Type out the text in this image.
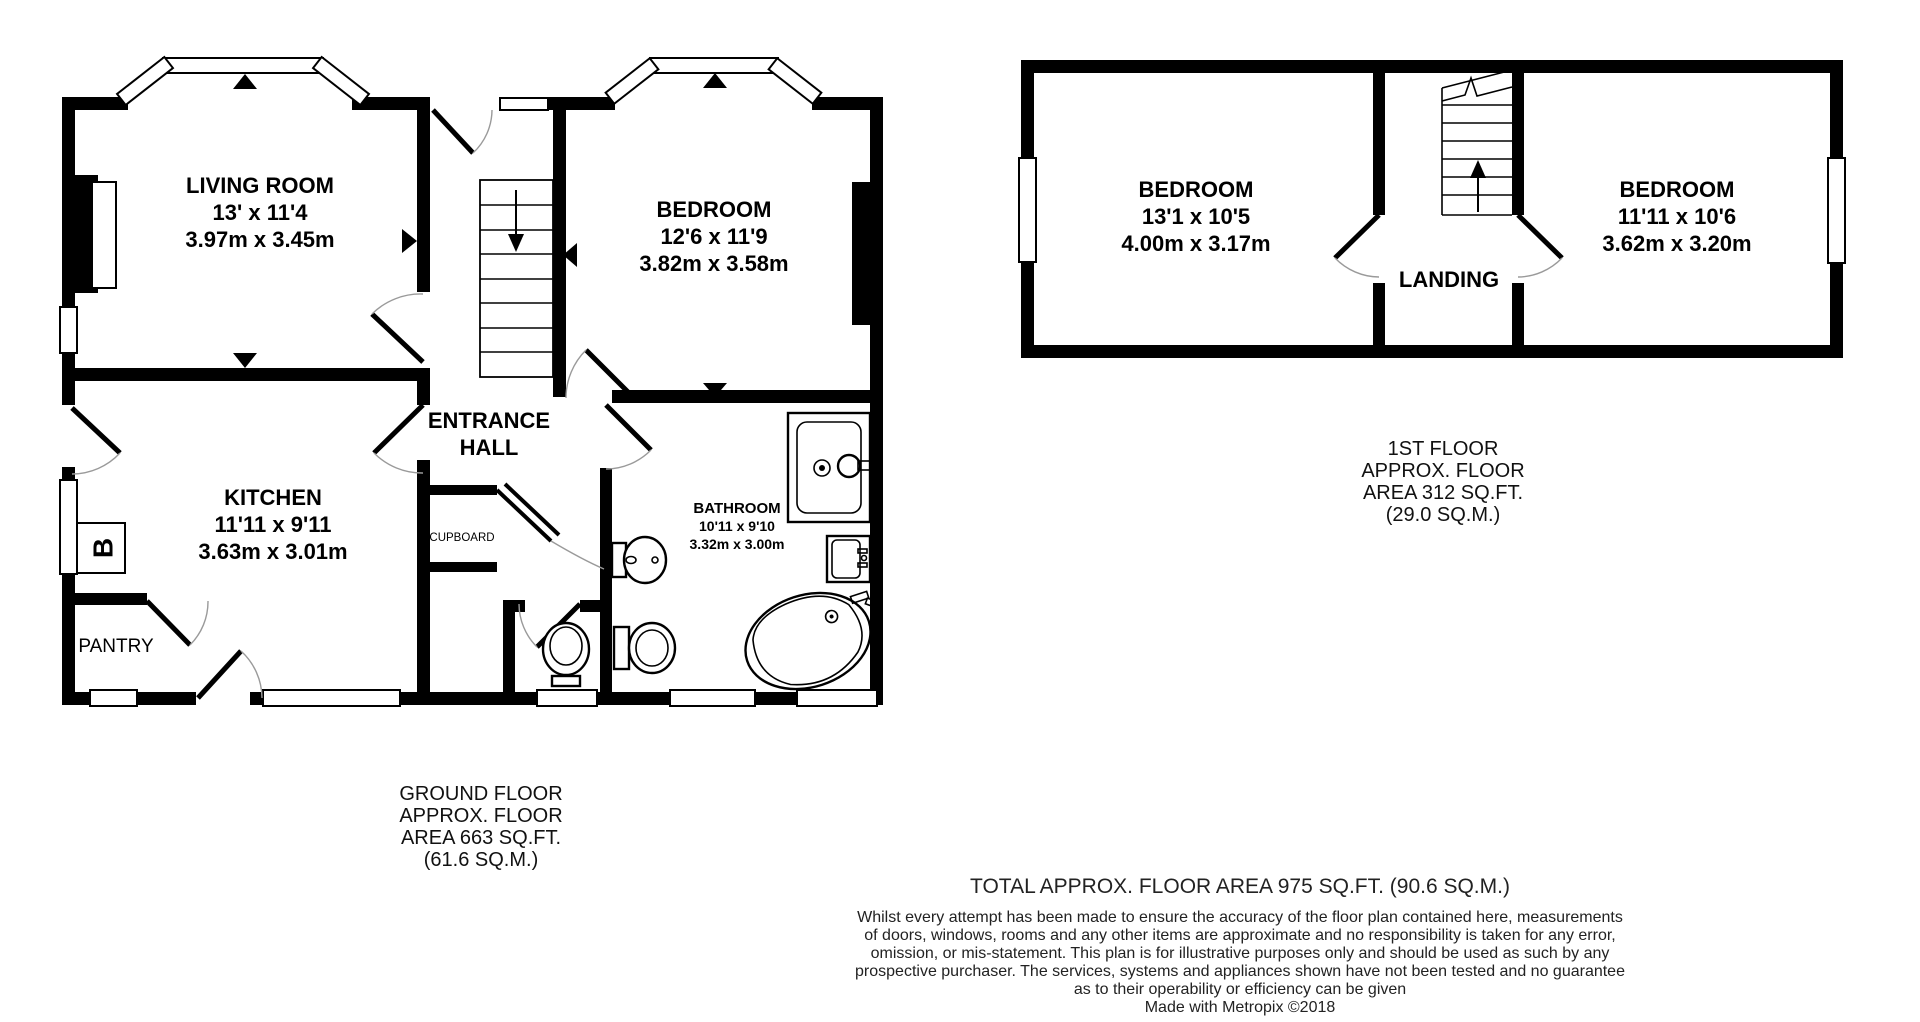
B
LIVING ROOM
13' x 11'4
3.97m x 3.45m
BEDROOM
12'6 x 11'9
3.82m x 3.58m
ENTRANCE
HALL
KITCHEN
11'11 x 9'11
3.63m x 3.01m
BATHROOM
10'11 x 9'10
3.32m x 3.00m
CUPBOARD
PANTRY
GROUND FLOOR
APPROX. FLOOR
AREA 663 SQ.FT.
(61.6 SQ.M.)
BEDROOM
13'1 x 10'5
4.00m x 3.17m
BEDROOM
11'11 x 10'6
3.62m x 3.20m
LANDING
1ST FLOOR
APPROX. FLOOR
AREA 312 SQ.FT.
(29.0 SQ.M.)
TOTAL APPROX. FLOOR AREA 975 SQ.FT. (90.6 SQ.M.)
Whilst every attempt has been made to ensure the accuracy of the floor plan contained here, measurements
of doors, windows, rooms and any other items are approximate and no responsibility is taken for any error,
omission, or mis-statement. This plan is for illustrative purposes only and should be used as such by any
prospective purchaser. The services, systems and appliances shown have not been tested and no guarantee
as to their operability or efficiency can be given
Made with Metropix ©2018
